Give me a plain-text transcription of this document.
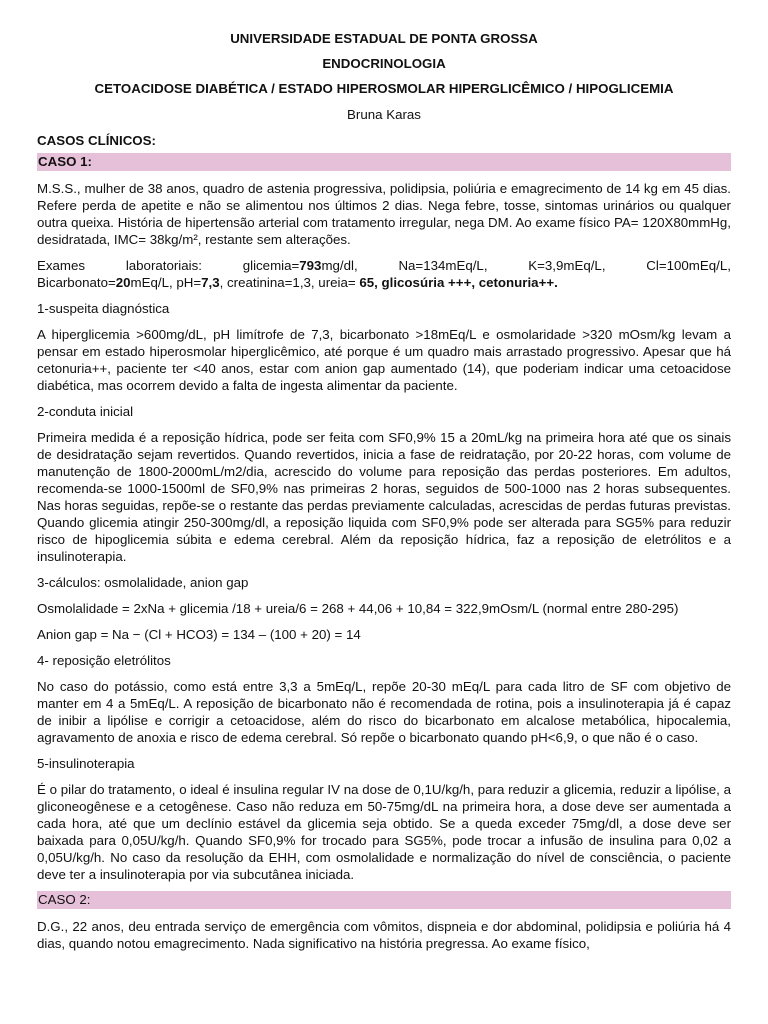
UNIVERSIDADE ESTADUAL DE PONTA GROSSA
ENDOCRINOLOGIA
CETOACIDOSE DIABÉTICA / ESTADO HIPEROSMOLAR HIPERGLICÊMICO / HIPOGLICEMIA
Bruna Karas
CASOS CLÍNICOS:
CASO 1:

M.S.S., mulher de 38 anos, quadro de astenia progressiva, polidipsia, poliúria e emagrecimento de 14 kg em 45 dias. Refere perda de apetite e não se alimentou nos últimos 2 dias. Nega febre, tosse, sintomas urinários ou qualquer outra queixa. História de hipertensão arterial com tratamento irregular, nega DM. Ao exame físico PA= 120X80mmHg, desidratada, IMC= 38kg/m², restante sem alterações.

Exames	laboratoriais:	glicemia=793mg/dl,	Na=134mEq/L,	K=3,9mEq/L,	Cl=100mEq/L,
Bicarbonato=20mEq/L, pH=7,3, creatinina=1,3, ureia= 65, glicosúria +++, cetonuria++.

1-suspeita diagnóstica

A hiperglicemia >600mg/dL, pH limítrofe de 7,3, bicarbonato >18mEq/L e osmolaridade >320 mOsm/kg levam a pensar em estado hiperosmolar hiperglicêmico, até porque é um quadro mais arrastado progressivo. Apesar que há cetonuria++, paciente ter <40 anos, estar com anion gap aumentado (14), que poderiam indicar uma cetoacidose diabética, mas ocorrem devido a falta de ingesta alimentar da paciente.

2-conduta inicial

Primeira medida é a reposição hídrica, pode ser feita com SF0,9% 15 a 20mL/kg na primeira hora até que os sinais de desidratação sejam revertidos. Quando revertidos, inicia a fase de reidratação, por 20-22 horas, com volume de manutenção de 1800-2000mL/m2/dia, acrescido do volume para reposição das perdas posteriores. Em adultos, recomenda-se 1000-1500ml de SF0,9% nas primeiras 2 horas, seguidos de 500-1000 nas 2 horas subsequentes. Nas horas seguidas, repõe-se o restante das perdas previamente calculadas, acrescidas de perdas futuras previstas. Quando glicemia atingir 250-300mg/dl, a reposição liquida com SF0,9% pode ser alterada para SG5% para reduzir risco de hipoglicemia súbita e edema cerebral. Além da reposição hídrica, faz a reposição de eletrólitos e a insulinoterapia.

3-cálculos: osmolalidade, anion gap

Osmolalidade = 2xNa + glicemia /18 + ureia/6 = 268 + 44,06 + 10,84 = 322,9mOsm/L (normal entre 280-295)

Anion gap = Na − (Cl + HCO3) = 134 – (100 + 20) = 14

4- reposição eletrólitos

No caso do potássio, como está entre 3,3 a 5mEq/L, repõe 20-30 mEq/L para cada litro de SF com objetivo de manter em 4 a 5mEq/L. A reposição de bicarbonato não é recomendada de rotina, pois a insulinoterapia já é capaz de inibir a lipólise e corrigir a cetoacidose, além do risco do bicarbonato em alcalose metabólica, hipocalemia, agravamento de anoxia e risco de edema cerebral. Só repõe o bicarbonato quando pH<6,9, o que não é o caso.

5-insulinoterapia

É o pilar do tratamento, o ideal é insulina regular IV na dose de 0,1U/kg/h, para reduzir a glicemia, reduzir a lipólise, a gliconeogênese e a cetogênese. Caso não reduza em 50-75mg/dL na primeira hora, a dose deve ser aumentada a cada hora, até que um declínio estável da glicemia seja obtido. Se a queda exceder 75mg/dl, a dose deve ser baixada para 0,05U/kg/h. Quando SF0,9% for trocado para SG5%, pode trocar a infusão de insulina para 0,02 a 0,05U/kg/h. No caso da resolução da EHH, com osmolalidade e normalização do nível de consciência, o paciente deve ter a insulinoterapia por via subcutânea iniciada.

CASO 2:

D.G., 22 anos, deu entrada serviço de emergência com vômitos, dispneia e dor abdominal, polidipsia e poliúria há 4 dias, quando notou emagrecimento. Nada significativo na história pregressa. Ao exame físico,
